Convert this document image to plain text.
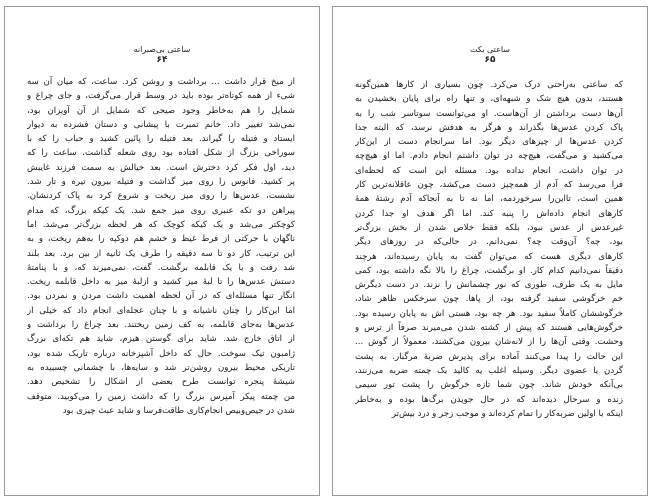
ساعتی بی‌صبرانه
۶۴
از میخ قرار داشت ... برداشت و روشن کرد. ساعت، که میان آن سه
شی‌ء از همه کوتاه‌تر بوده باید در وسط قرار می‌گرفت، و جای چراغ و
شمایل را هم به‌خاطر وجود صیحی که شمایل از آن آویزان بود،
نمی‌شد تغییر داد. خانم تمبرت با پیشانی و دستان فشرده به دیوار
ایستاد و فتیله را گیراند. بعد فتیله را پائین کشید و حباب را که با
سوراخی بزرگ از شکل افتاده بود روی شعله گذاشت. ساعت را که
دید، اول فکر کرد دخترش است. بعد خیالش به سمت فرزند غایبش
پر کشید. فانوس را روی میز گذاشت و فتیله بیرون تیره و تار شد.
نشست، عدس‌ها را روی میز ریخت و شروع کرد به پاک کردنشان.
پیراهن دو تکه عنبری روی میز جمع شد. یک کیکه بزرگ، که مدام
کوچکتر می‌شد و یک کیکه کوچک که هر لحظه بزرگ‌تر می‌شد. اما
ناگهان با حرکتی از فرط غیظ و خشم هم دوکپه را به‌هم ریخت، و به
این ترتیب، کار دو تا سه دقیقه را طرف یک ثانیه از بین برد. بعد بلند
شد رفت و با یک قابلمه برگشت. گفت، نمی‌میرند که، و با پنامتهٔ
دستش عدس‌ها را تا لبهٔ میز کشید و ازلبهٔ میز به داخل قابلمه ریخت.
انگار تنها مسئله‌ای که در آن لحظه اهمیت داشت مردن و نمردن بود.
اما این‌کار را چنان ناشیانه و با چنان عجله‌ای انجام داد که خیلی از
عدس‌ها به‌جای قابلمه، به کف زمین ریختند. بعد چراغ را برداشت و
از اتاق خارج شد. شاید برای گوستن هیزم، شاید هم تکه‌ای بزرگ
ژامبون تیک سوخت. حال که داخل آشپزخانه درباره تاریک شده بود،
تاریکی محیط بیرون روشن‌تر شد و سایه‌ها، با چشمانی چسبیده به
شیشهٔ پنجره توانست طرح بعضی از اشکال را تشخیص دهد.
من چمته پیکر آمپرس بزرگ را که داشت زمین را می‌کوبید. متوقف
شدن در حیص‌وبیص انجام‌کاری طاقت‌فرسا و شاید عبث چیزی بود
ساعتی یکت
۶۵
که ساعتی به‌راحتی درک می‌کرد. چون بسیاری از کارها همین‌گونه
هستند، بدون هیچ شک و شبهه‌ای، و تنها راه برای پایان بخشیدن به
آن‌ها دست برداشتن از آن‌هاست. او می‌توانست سوتاسر شب را به
پاک کردن عدس‌ها بگذراند و هرگز به هدفش نرسد، که البته جدا
کردن عدس‌ها از چیزهای دیگر بود. اما سرانجام دست از این‌کار
می‌کشید و می‌گفت، هیچ‌چه در توان داشتم انجام دادم. اما او هیچ‌چه
در توان داشت، انجام نداده بود. مسئله این است که لحظه‌ای
فرا می‌رسد که آدم از همه‌چیز دست می‌کشد، چون عاقلانه‌ترین کار
همین است، تااین‌را سرخوردمه، اما نه تا به آنجاکه آدم رشتهٔ همهٔ
کارهای انجام داده‌اش را پنبه کند. اما اگر هدف او جدا کردن
غیرعدس از عدس نبود، بلکه فقط خلاص شدن از بخش بزرگ‌تر
بود، چه؟ آن‌وقت چه؟ نمی‌دانم. در حالی‌که در روزهای دیگر
کارهای دیگری هست که می‌توان گفت به پایان رسیده‌اند، هرچند
دقیقاً نمی‌دانیم کدام کار. او برگشت، چراغ را بالا نگه داشته بود، کمی
مایل به یک طرف، طوری که نور چشمانش را نزند. در دست دیگرش
خم خرگوشی سفید گرفته بود، از پاها. چون سرخکس ظاهر شاد،
خرگوششان کاملاً سفید بود. هر چه بود، هستی اش به پایان رسیده بود.
خرگوش‌هایی هستند که پیش از کشته شدن می‌میرند صرفاً از ترس و
وحشت. وقتی آن‌ها را از لانه‌شان بیرون می‌کشند، معمولاً از گوش ...
این حالت را پیدا می‌کنند آماده برای پذیرش ضربهٔ مرگبار. به پشت
گردن یا عضوی دیگر. وسیله اغلب یه کالید یک چمته ضربه می‌زنند،
بی‌آنکه خودش شاند. چون شما تازه خرگوش را پشت تور سیمی
زنده و سرحال دیده‌اند که در حال جویدن برگ‌ها بوده و به‌خاطر
اینکه با اولین ضربه‌کار را تمام کرده‌اند و موجب زجر و درد بیش‌تر
